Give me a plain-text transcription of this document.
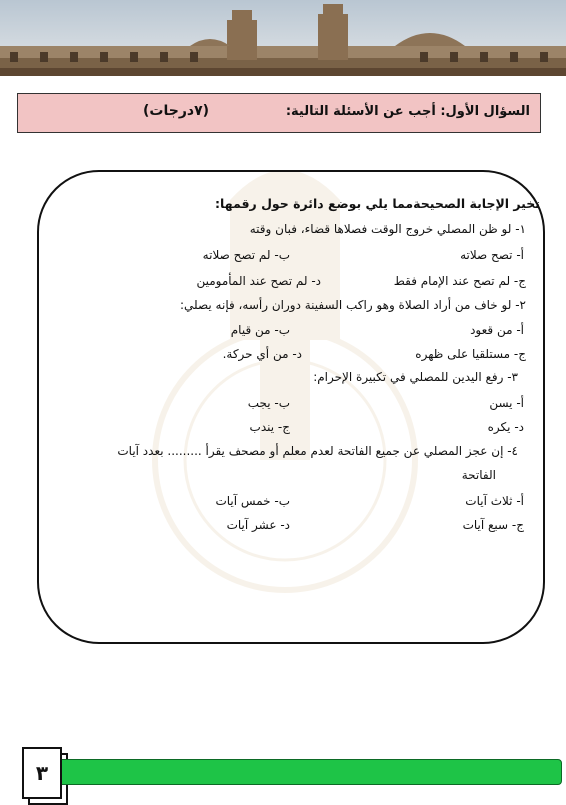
السؤال الأول: أجب عن الأسئلة التالية:
(٧درجات)
تخير الإجابة الصحيحةمما يلي بوضع دائرة حول رقمها:
١- لو ظن المصلي خروج الوقت فصلاها قضاء، فبان وقته
أ- تصح صلاته
ب- لم تصح صلاته
ج- لم تصح عند الإمام فقط
د- لم تصح عند المأمومين
٢- لو خاف من أراد الصلاة وهو راكب السفينة دوران رأسه، فإنه يصلي:
أ- من قعود
ب- من قيام
ج- مستلقيا على ظهره
د- من أي حركة.
٣- رفع اليدين للمصلي في تكبيرة الإحرام:
أ- يسن
ب- يجب
د- يكره
ج- يندب
٤- إن عجز المصلي عن جميع الفاتحة لعدم معلم أو مصحف يقرأ ......... بعدد آيات
الفاتحة
أ- ثلاث آيات
ب- خمس آيات
ج- سبع آيات
د- عشر آيات
٣
